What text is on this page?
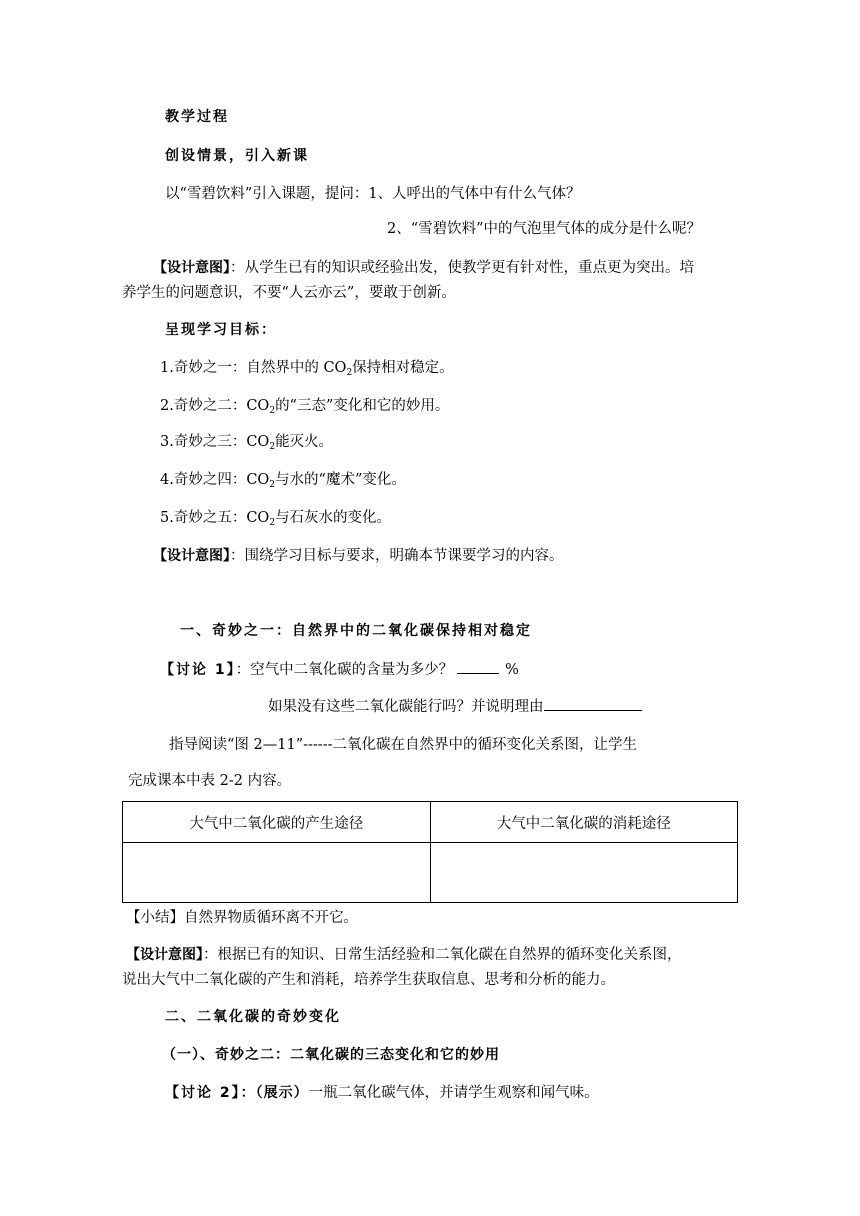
教学过程
创设情景，引入新课
以“雪碧饮料”引入课题，提问：1、人呼出的气体中有什么气体？
2、“雪碧饮料”中的气泡里气体的成分是什么呢？
【设计意图】：从学生已有的知识或经验出发，使教学更有针对性，重点更为突出。培
养学生的问题意识，不要“人云亦云”，要敢于创新。
呈现学习目标：
1.奇妙之一：自然界中的 $CO_2$保持相对稳定。
2.奇妙之二：$CO_2$的“三态”变化和它的妙用。
3.奇妙之三：$CO_2$能灭火。
4.奇妙之四：$CO_2$与水的“魔术”变化。
5.奇妙之五：$CO_2$与石灰水的变化。
【设计意图】：围绕学习目标与要求，明确本节课要学习的内容。
一、奇妙之一：自然界中的二氧化碳保持相对稳定
【讨论 1】：空气中二氧化碳的含量为多少？	%
如果没有这些二氧化碳能行吗？并说明理由
指导阅读“图 2—11”------二氧化碳在自然界中的循环变化关系图，让学生
完成课本中表 2-2 内容。
大气中二氧化碳的产生途径	大气中二氧化碳的消耗途径

【小结】自然界物质循环离不开它。
【设计意图】：根据已有的知识、日常生活经验和二氧化碳在自然界的循环变化关系图，
说出大气中二氧化碳的产生和消耗，培养学生获取信息、思考和分析的能力。
二、二氧化碳的奇妙变化
（一）、奇妙之二：二氧化碳的三态变化和它的妙用
【讨论 2】：（展示）一瓶二氧化碳气体，并请学生观察和闻气味。
